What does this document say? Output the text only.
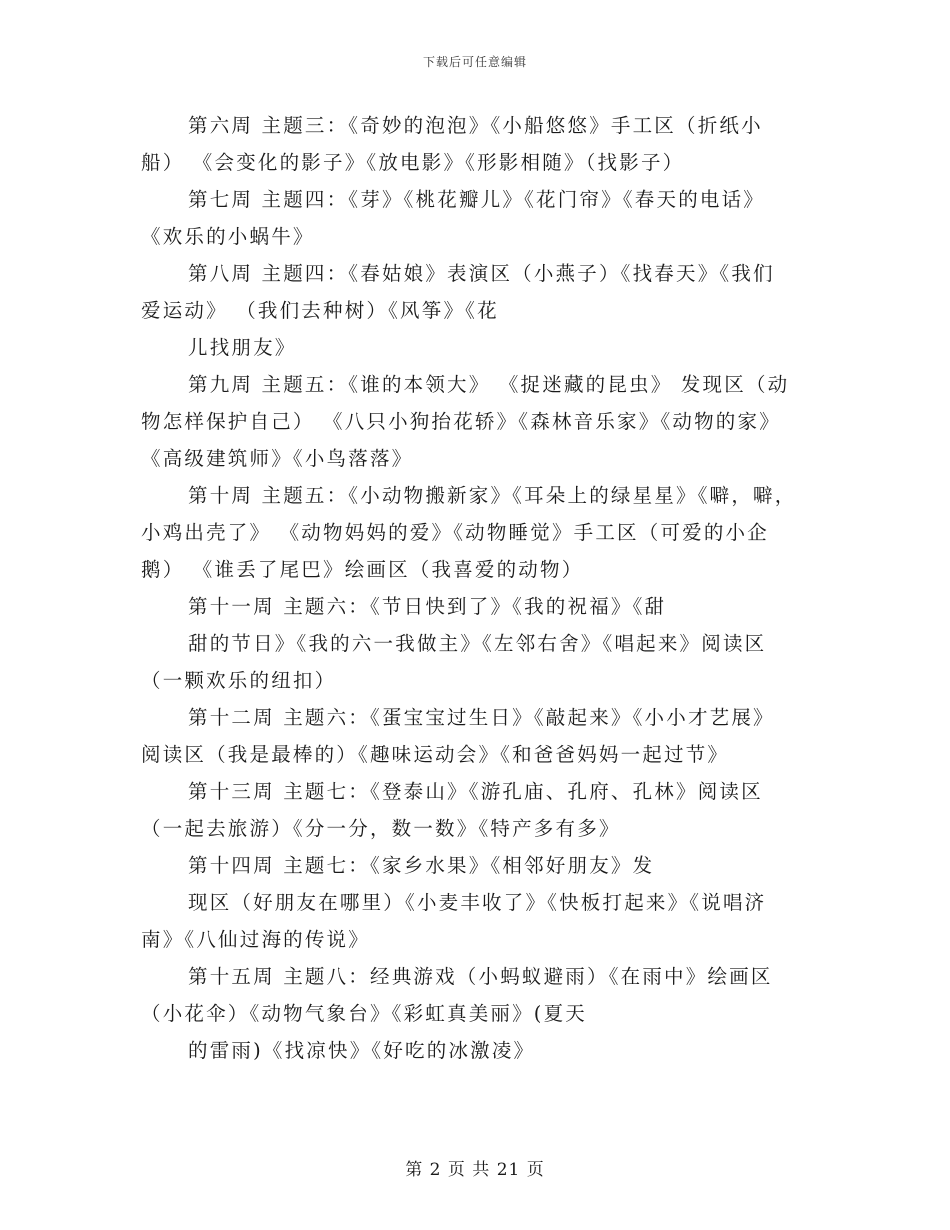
下载后可任意编辑
第六周 主题三：《奇妙的泡泡》《小船悠悠》手工区（折纸小
船） 《会变化的影子》《放电影》《形影相随》（找影子）
第七周 主题四：《芽》《桃花瓣儿》《花门帘》《春天的电话》
《欢乐的小蜗牛》
第八周 主题四：《春姑娘》表演区（小燕子）《找春天》《我们
爱运动》 （我们去种树）《风筝》《花
儿找朋友》
第九周 主题五：《谁的本领大》 《捉迷藏的昆虫》 发现区（动
物怎样保护自己） 《八只小狗抬花轿》《森林音乐家》《动物的家》
《高级建筑师》《小鸟落落》
第十周 主题五：《小动物搬新家》《耳朵上的绿星星》《噼，噼，
小鸡出壳了》 《动物妈妈的爱》《动物睡觉》手工区（可爱的小企
鹅） 《谁丢了尾巴》绘画区（我喜爱的动物）
第十一周 主题六：《节日快到了》《我的祝福》《甜
甜的节日》《我的六一我做主》《左邻右舍》《唱起来》阅读区
（一颗欢乐的纽扣）
第十二周 主题六：《蛋宝宝过生日》《敲起来》《小小才艺展》
阅读区（我是最棒的）《趣味运动会》《和爸爸妈妈一起过节》
第十三周 主题七：《登泰山》《游孔庙、孔府、孔林》阅读区
（一起去旅游）《分一分，数一数》《特产多有多》
第十四周 主题七：《家乡水果》《相邻好朋友》发
现区（好朋友在哪里）《小麦丰收了》《快板打起来》《说唱济
南》《八仙过海的传说》
第十五周 主题八：经典游戏（小蚂蚁避雨）《在雨中》绘画区
（小花伞）《动物气象台》《彩虹真美丽》(夏天
的雷雨)《找凉快》《好吃的冰激凌》
第 2 页 共 21 页
